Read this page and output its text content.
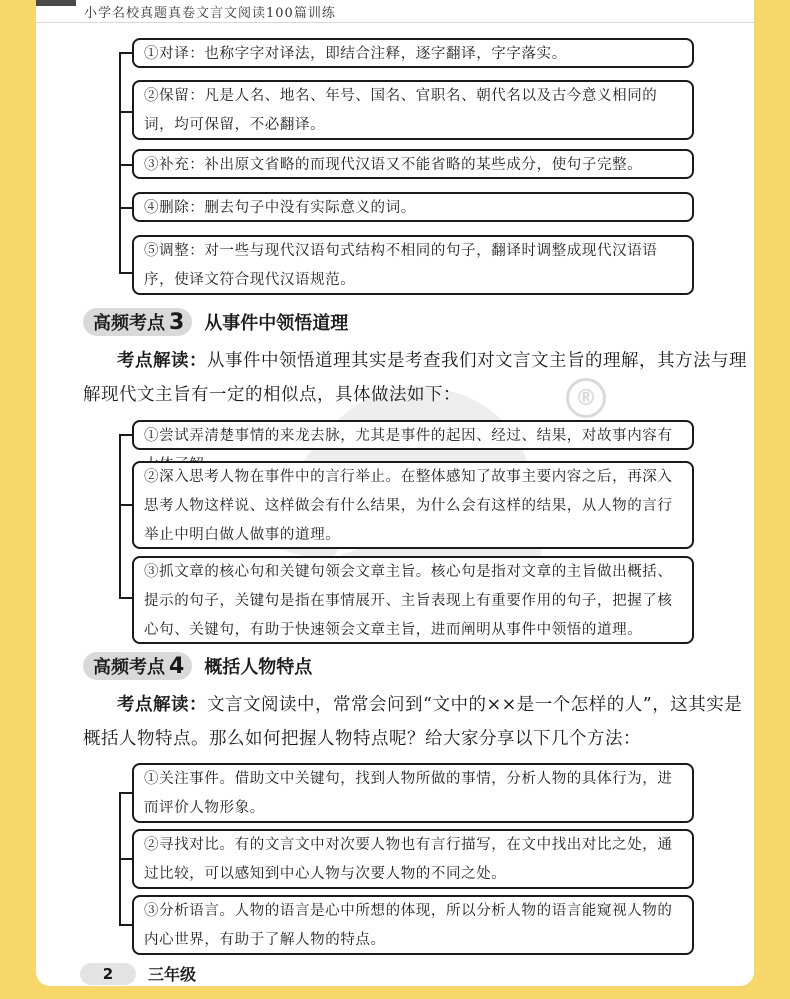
小学名校真题真卷文言文阅读100篇训练
®
①对译：也称字字对译法，即结合注释，逐字翻译，字字落实。
②保留：凡是人名、地名、年号、国名、官职名、朝代名以及古今意义相同的词，均可保留，不必翻译。
③补充：补出原文省略的而现代汉语又不能省略的某些成分，使句子完整。
④删除：删去句子中没有实际意义的词。
⑤调整：对一些与现代汉语句式结构不相同的句子，翻译时调整成现代汉语语序，使译文符合现代汉语规范。
高频考点 3 从事件中领悟道理
考点解读：从事件中领悟道理其实是考查我们对文言文主旨的理解，其方法与理解现代文主旨有一定的相似点，具体做法如下：
①尝试弄清楚事情的来龙去脉，尤其是事件的起因、经过、结果，对故事内容有
②深入思考人物在事件中的言行举止。在整体感知了故事主要内容之后，再深入思考人物这样说、这样做会有什么结果，为什么会有这样的结果，从人物的言行举止中明白做人做事的道理。
③抓文章的核心句和关键句领会文章主旨。核心句是指对文章的主旨做出概括、提示的句子，关键句是指在事情展开、主旨表现上有重要作用的句子，把握了核心句、关键句，有助于快速领会文章主旨，进而阐明从事件中领悟的道理。
高频考点 4 概括人物特点
考点解读：文言文阅读中，常常会问到“文中的××是一个怎样的人”，这其实是概括人物特点。那么如何把握人物特点呢？给大家分享以下几个方法：
①关注事件。借助文中关键句，找到人物所做的事情，分析人物的具体行为，进而评价人物形象。
②寻找对比。有的文言文中对次要人物也有言行描写，在文中找出对比之处，通过比较，可以感知到中心人物与次要人物的不同之处。
③分析语言。人物的语言是心中所想的体现，所以分析人物的语言能窥视人物的内心世界，有助于了解人物的特点。
2	三年级
